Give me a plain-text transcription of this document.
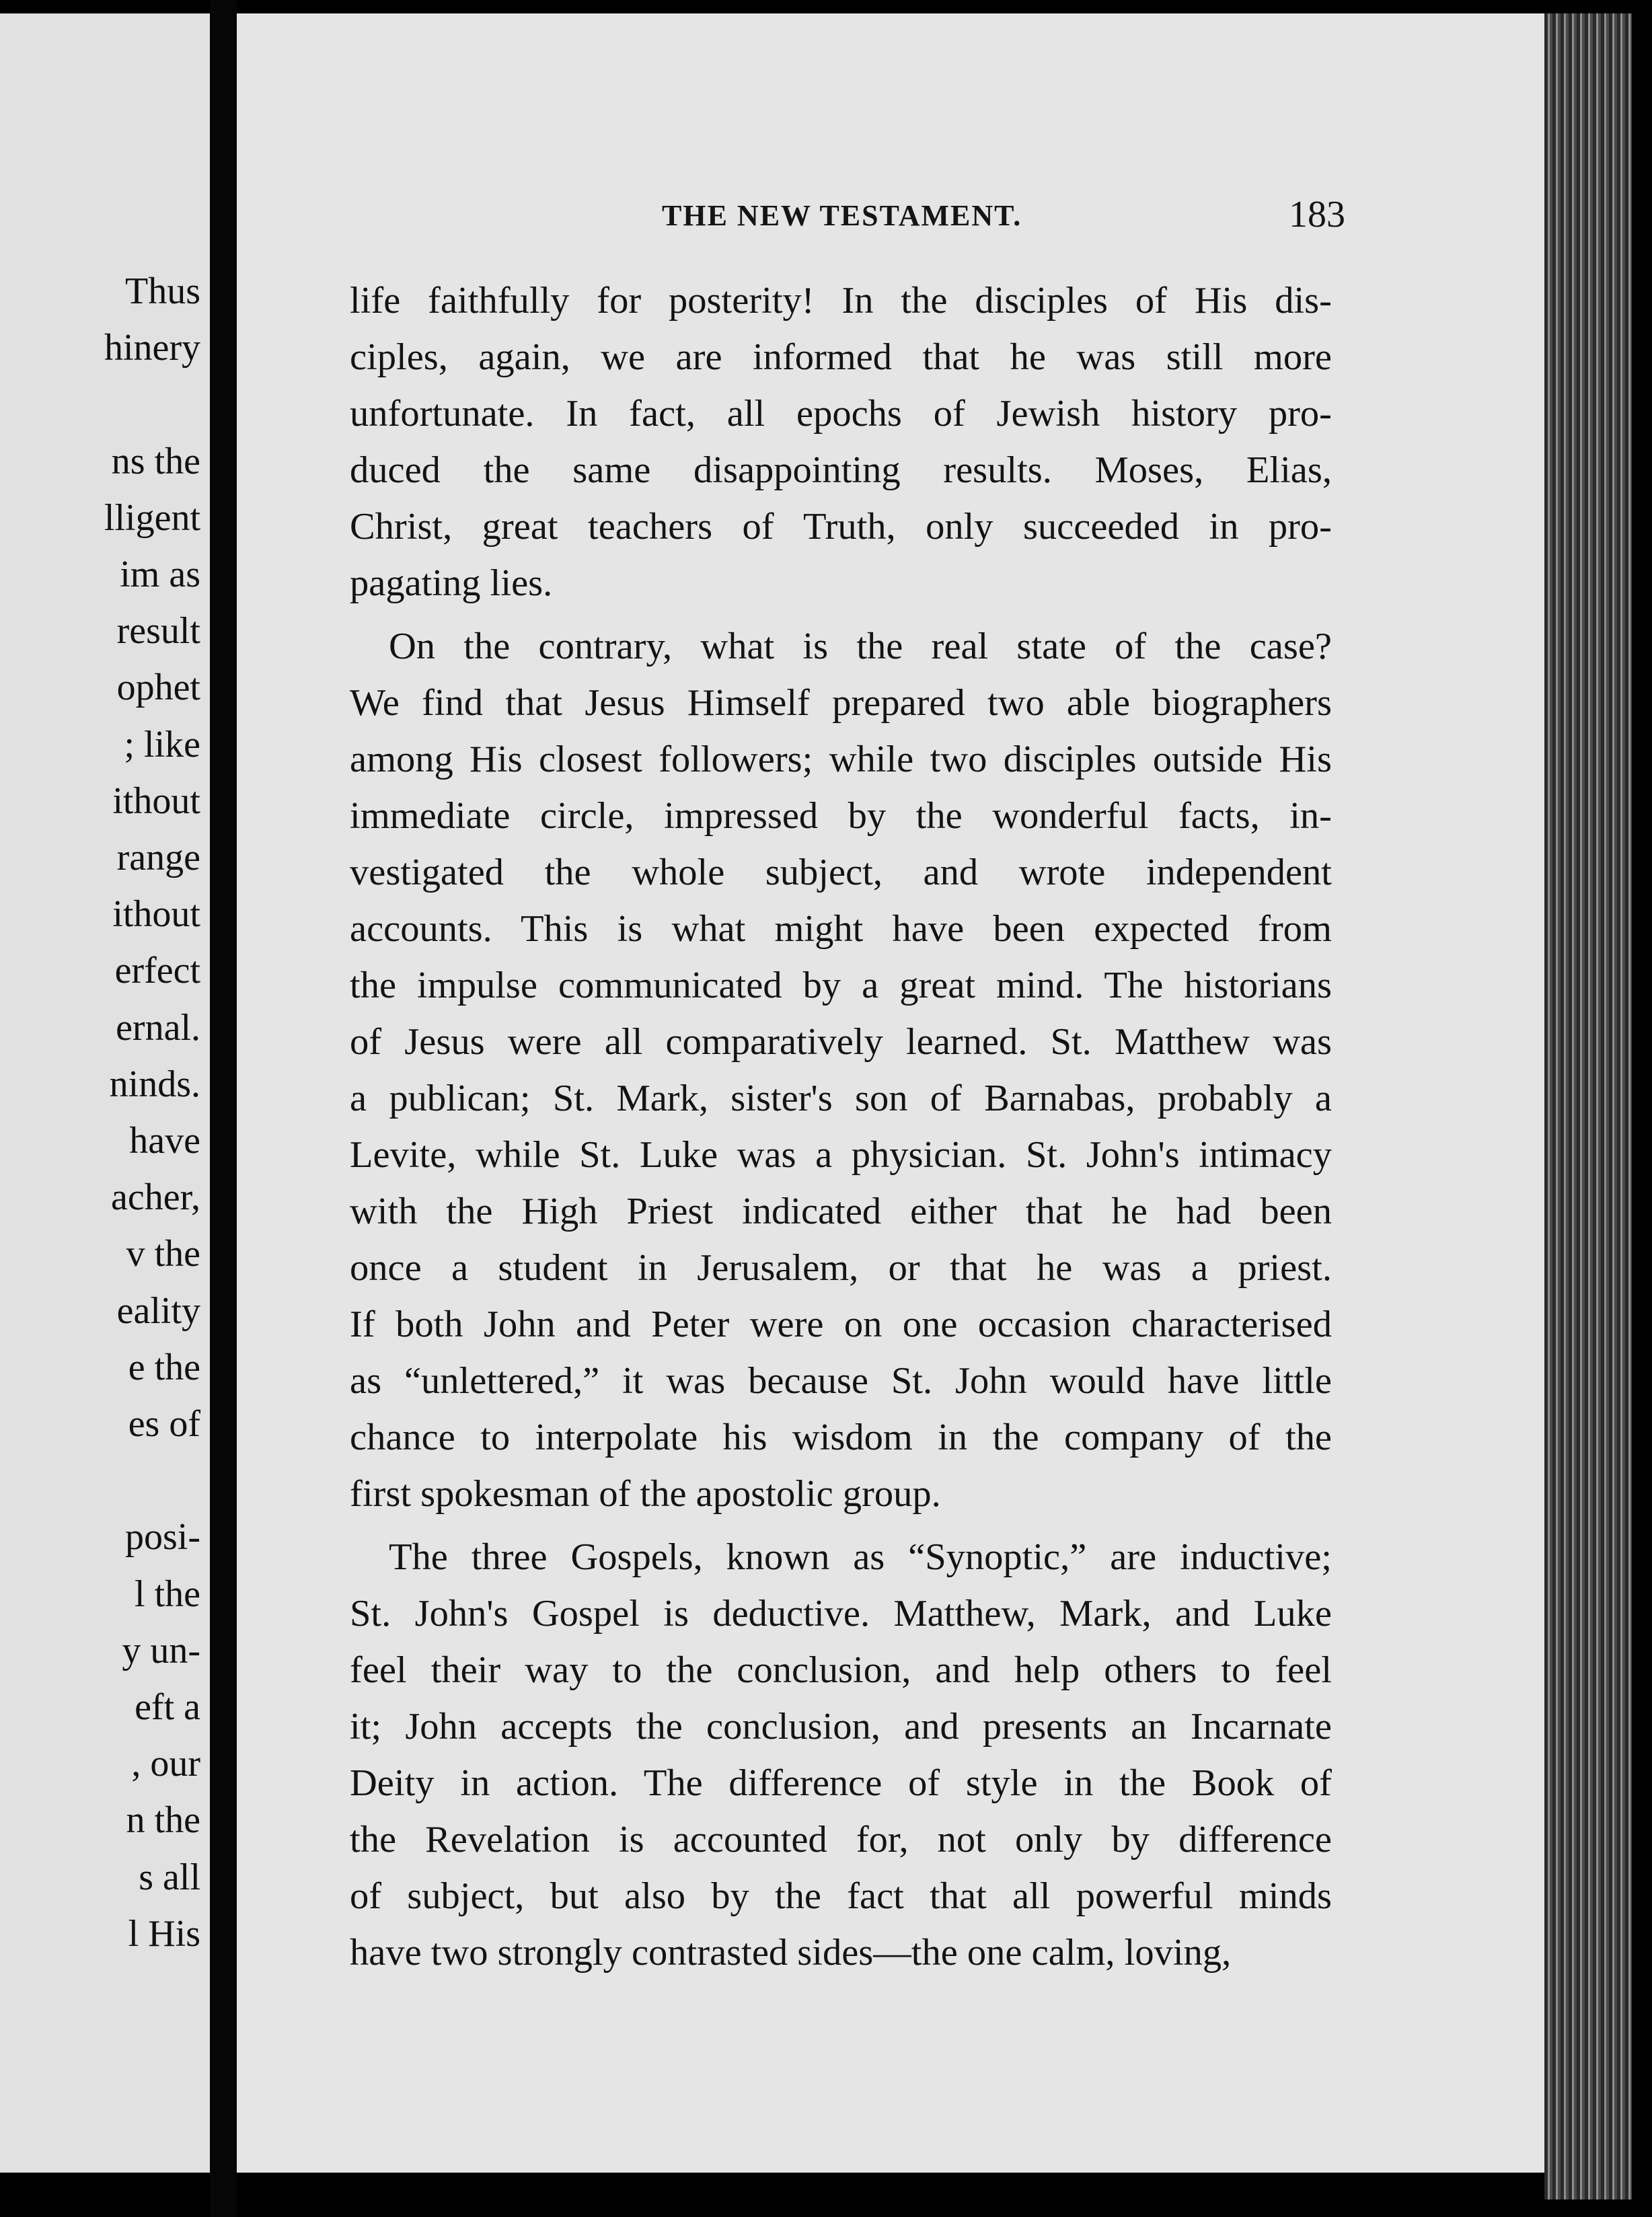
Thus
hinery
ns the
lligent
im as
result
ophet
; like
ithout
range
ithout
erfect
ernal.
ninds.
have
acher,
v the
eality
e the
es of
posi-
l the
y un-
eft a
, our
n the
s all
l His
THE NEW TESTAMENT.	183
life faithfully for posterity! In the disciples of His dis-
ciples, again, we are informed that he was still more
unfortunate. In fact, all epochs of Jewish history pro-
duced the same disappointing results. Moses, Elias,
Christ, great teachers of Truth, only succeeded in pro-
pagating lies.
On the contrary, what is the real state of the case?
We find that Jesus Himself prepared two able biographers
among His closest followers; while two disciples outside His
immediate circle, impressed by the wonderful facts, in-
vestigated the whole subject, and wrote independent
accounts. This is what might have been expected from
the impulse communicated by a great mind. The historians
of Jesus were all comparatively learned. St. Matthew was
a publican; St. Mark, sister's son of Barnabas, probably a
Levite, while St. Luke was a physician. St. John's intimacy
with the High Priest indicated either that he had been
once a student in Jerusalem, or that he was a priest.
If both John and Peter were on one occasion characterised
as “unlettered,” it was because St. John would have little
chance to interpolate his wisdom in the company of the
first spokesman of the apostolic group.
The three Gospels, known as “Synoptic,” are inductive;
St. John's Gospel is deductive. Matthew, Mark, and Luke
feel their way to the conclusion, and help others to feel
it; John accepts the conclusion, and presents an Incarnate
Deity in action. The difference of style in the Book of
the Revelation is accounted for, not only by difference
of subject, but also by the fact that all powerful minds
have two strongly contrasted sides—the one calm, loving,
